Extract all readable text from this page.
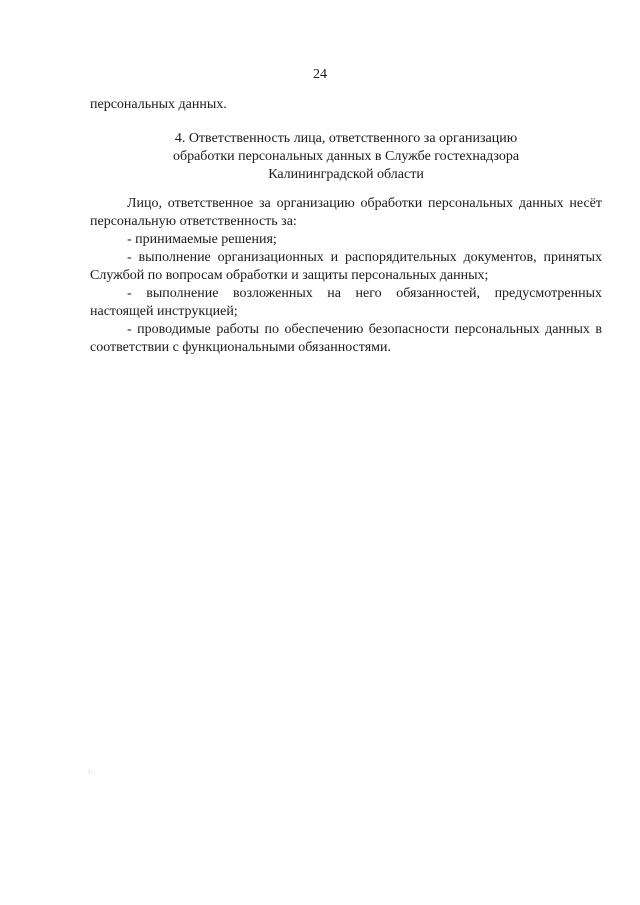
24
персональных данных.
4. Ответственность лица, ответственного за организацию
обработки персональных данных в Службе гостехнадзора
Калининградской области

Лицо, ответственное за организацию обработки персональных данных несёт персональную ответственность за:

- принимаемые решения;

- выполнение организационных и распорядительных документов, принятых Службой по вопросам обработки и защиты персональных данных;

- выполнение возложенных на него обязанностей, предусмотренных настоящей инструкцией;

- проводимые работы по обеспечению безопасности персональных данных в соответствии с функциональными обязанностями.
